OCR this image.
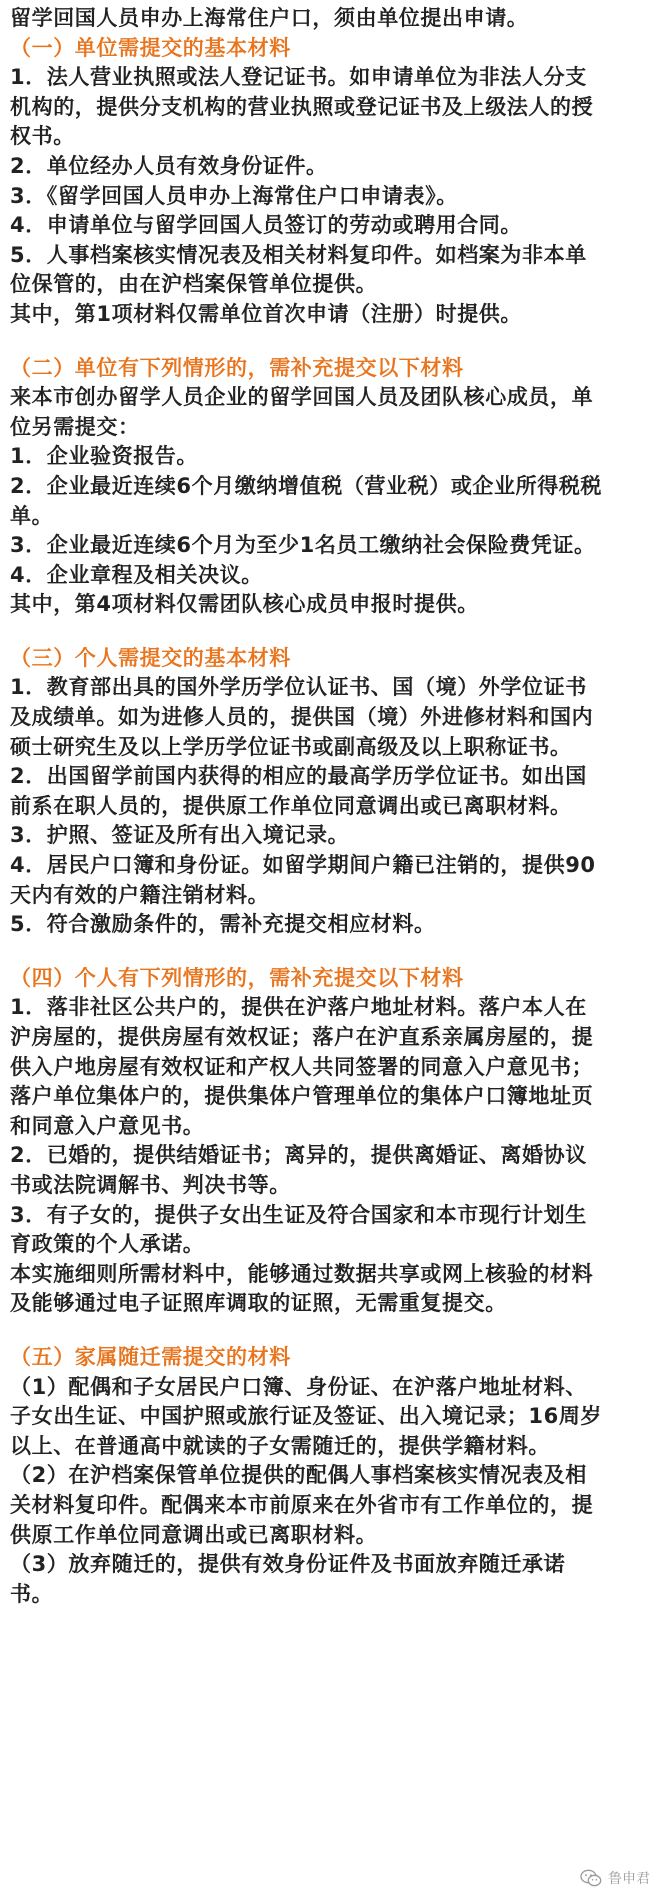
留学回国人员申办上海常住户口，须由单位提出申请。
（一）单位需提交的基本材料
1．法人营业执照或法人登记证书。如申请单位为非法人分支
机构的，提供分支机构的营业执照或登记证书及上级法人的授
权书。
2．单位经办人员有效身份证件。
3．《留学回国人员申办上海常住户口申请表》。
4．申请单位与留学回国人员签订的劳动或聘用合同。
5．人事档案核实情况表及相关材料复印件。如档案为非本单
位保管的，由在沪档案保管单位提供。
其中，第1项材料仅需单位首次申请（注册）时提供。
（二）单位有下列情形的，需补充提交以下材料
来本市创办留学人员企业的留学回国人员及团队核心成员，单
位另需提交：
1．企业验资报告。
2．企业最近连续6个月缴纳增值税（营业税）或企业所得税税
单。
3．企业最近连续6个月为至少1名员工缴纳社会保险费凭证。
4．企业章程及相关决议。
其中，第4项材料仅需团队核心成员申报时提供。
（三）个人需提交的基本材料
1．教育部出具的国外学历学位认证书、国（境）外学位证书
及成绩单。如为进修人员的，提供国（境）外进修材料和国内
硕士研究生及以上学历学位证书或副高级及以上职称证书。
2．出国留学前国内获得的相应的最高学历学位证书。如出国
前系在职人员的，提供原工作单位同意调出或已离职材料。
3．护照、签证及所有出入境记录。
4．居民户口簿和身份证。如留学期间户籍已注销的，提供90
天内有效的户籍注销材料。
5．符合激励条件的，需补充提交相应材料。
（四）个人有下列情形的，需补充提交以下材料
1．落非社区公共户的，提供在沪落户地址材料。落户本人在
沪房屋的，提供房屋有效权证；落户在沪直系亲属房屋的，提
供入户地房屋有效权证和产权人共同签署的同意入户意见书；
落户单位集体户的，提供集体户管理单位的集体户口簿地址页
和同意入户意见书。
2．已婚的，提供结婚证书；离异的，提供离婚证、离婚协议
书或法院调解书、判决书等。
3．有子女的，提供子女出生证及符合国家和本市现行计划生
育政策的个人承诺。
本实施细则所需材料中，能够通过数据共享或网上核验的材料
及能够通过电子证照库调取的证照，无需重复提交。
（五）家属随迁需提交的材料
（1）配偶和子女居民户口簿、身份证、在沪落户地址材料、
子女出生证、中国护照或旅行证及签证、出入境记录；16周岁
以上、在普通高中就读的子女需随迁的，提供学籍材料。
（2）在沪档案保管单位提供的配偶人事档案核实情况表及相
关材料复印件。配偶来本市前原来在外省市有工作单位的，提
供原工作单位同意调出或已离职材料。
（3）放弃随迁的，提供有效身份证件及书面放弃随迁承诺
书。
鲁申君
